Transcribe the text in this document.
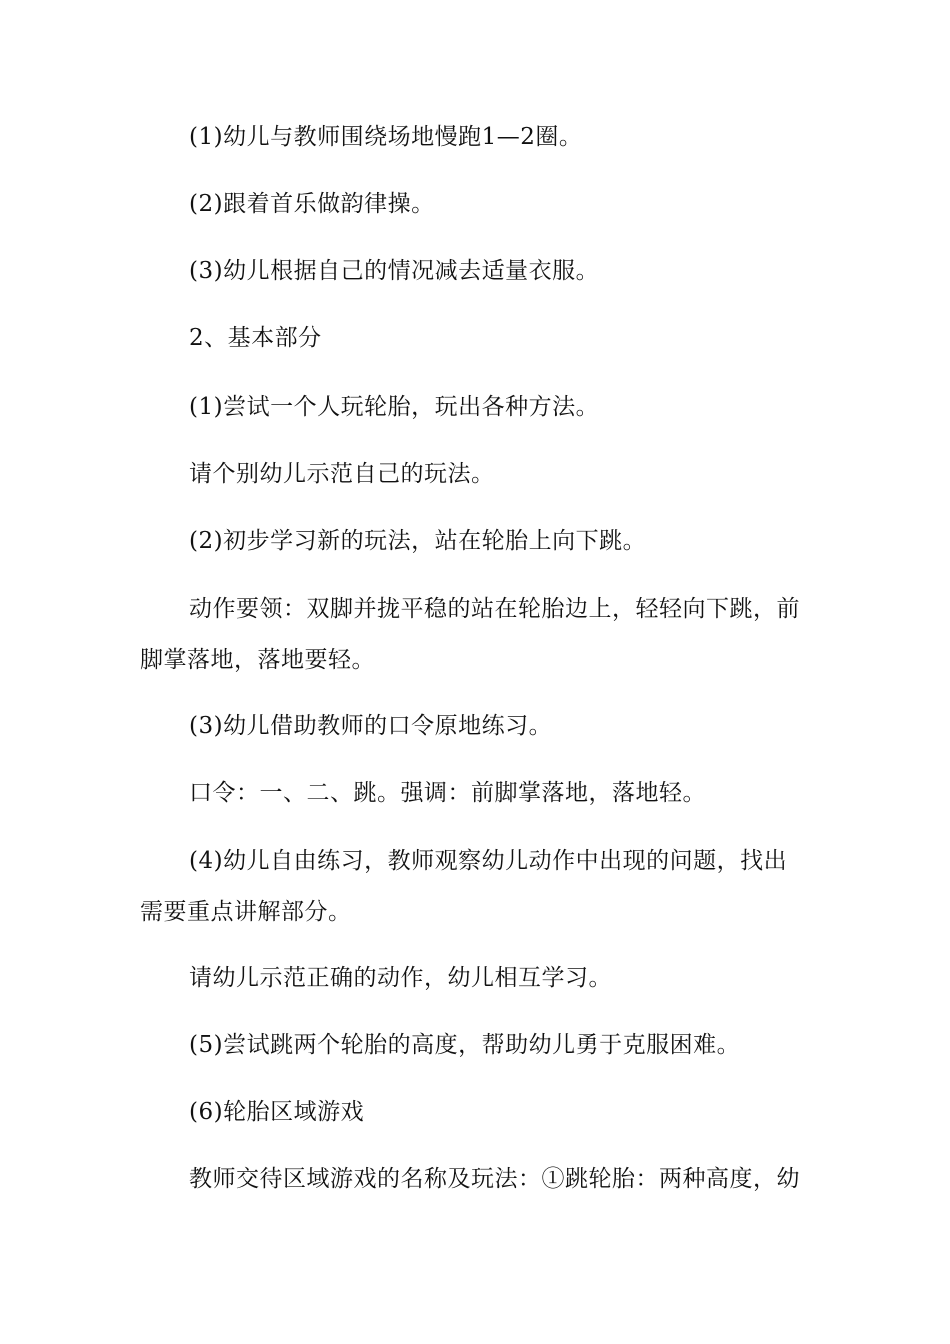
(1)幼儿与教师围绕场地慢跑1—2圈。

(2)跟着首乐做韵律操。

(3)幼儿根据自己的情况减去适量衣服。

2、基本部分

(1)尝试一个人玩轮胎，玩出各种方法。

请个别幼儿示范自己的玩法。

(2)初步学习新的玩法，站在轮胎上向下跳。

动作要领：双脚并拢平稳的站在轮胎边上，轻轻向下跳，前

脚掌落地，落地要轻。

(3)幼儿借助教师的口令原地练习。

口令：一、二、跳。强调：前脚掌落地，落地轻。

(4)幼儿自由练习，教师观察幼儿动作中出现的问题，找出

需要重点讲解部分。

请幼儿示范正确的动作，幼儿相互学习。

(5)尝试跳两个轮胎的高度，帮助幼儿勇于克服困难。

(6)轮胎区域游戏

教师交待区域游戏的名称及玩法：①跳轮胎：两种高度，幼
